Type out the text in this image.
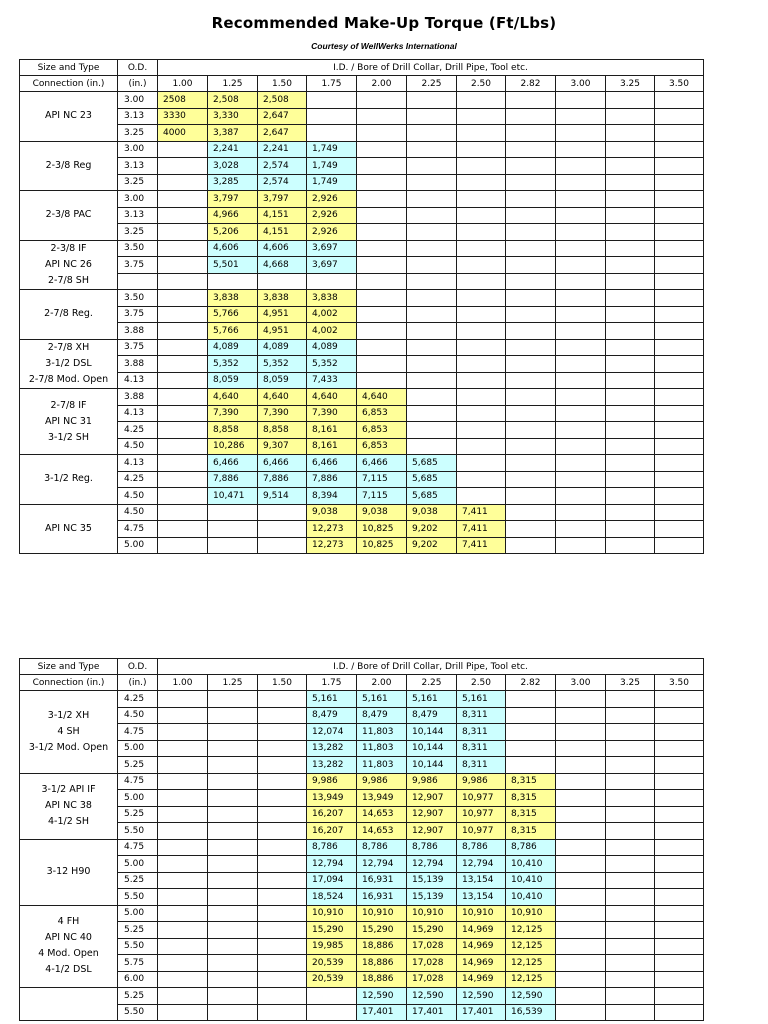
Recommended Make-Up Torque (Ft/Lbs)
Courtesy of WellWerks International
Size and Type	O.D.	I.D. / Bore of Drill Collar, Drill Pipe, Tool etc.										
Connection (in.)	(in.)	1.00	1.25	1.50	1.75	2.00	2.25	2.50	2.82	3.00	3.25	3.50

API NC 23	3.00	2508	2,508	2,508								
	3.13	3330	3,330	2,647								
	3.25	4000	3,387	2,647								

2-3/8 Reg	3.00		2,241	2,241	1,749							
	3.13		3,028	2,574	1,749							
	3.25		3,285	2,574	1,749							

2-3/8 PAC	3.00		3,797	3,797	2,926							
	3.13		4,966	4,151	2,926							
	3.25		5,206	4,151	2,926							

2-3/8 IF
API NC 26
2-7/8 SH	3.50		4,606	4,606	3,697							
	3.75		5,501	4,668	3,697							

2-7/8 Reg.	3.50		3,838	3,838	3,838							
	3.75		5,766	4,951	4,002							
	3.88		5,766	4,951	4,002							

2-7/8 XH
3-1/2 DSL
2-7/8 Mod. Open	3.75		4,089	4,089	4,089							
	3.88		5,352	5,352	5,352							
	4.13		8,059	8,059	7,433							

2-7/8 IF
API NC 31
3-1/2 SH	3.88		4,640	4,640	4,640	4,640						
	4.13		7,390	7,390	7,390	6,853						
	4.25		8,858	8,858	8,161	6,853						
	4.50		10,286	9,307	8,161	6,853						

3-1/2 Reg.	4.13		6,466	6,466	6,466	6,466	5,685					
	4.25		7,886	7,886	7,886	7,115	5,685					
	4.50		10,471	9,514	8,394	7,115	5,685					

API NC 35	4.50				9,038	9,038	9,038	7,411				
	4.75				12,273	10,825	9,202	7,411				
	5.00				12,273	10,825	9,202	7,411				
Size and Type	O.D.	I.D. / Bore of Drill Collar, Drill Pipe, Tool etc.										
Connection (in.)	(in.)	1.00	1.25	1.50	1.75	2.00	2.25	2.50	2.82	3.00	3.25	3.50

3-1/2 XH
4 SH
3-1/2 Mod. Open	4.25				5,161	5,161	5,161	5,161				
	4.50				8,479	8,479	8,479	8,311				
	4.75				12,074	11,803	10,144	8,311				
	5.00				13,282	11,803	10,144	8,311				
	5.25				13,282	11,803	10,144	8,311				

3-1/2 API IF
API NC 38
4-1/2 SH	4.75				9,986	9,986	9,986	9,986	8,315			
	5.00				13,949	13,949	12,907	10,977	8,315			
	5.25				16,207	14,653	12,907	10,977	8,315			
	5.50				16,207	14,653	12,907	10,977	8,315			

3-12 H90	4.75				8,786	8,786	8,786	8,786	8,786			
	5.00				12,794	12,794	12,794	12,794	10,410			
	5.25				17,094	16,931	15,139	13,154	10,410			
	5.50				18,524	16,931	15,139	13,154	10,410			

4 FH
API NC 40
4 Mod. Open
4-1/2 DSL	5.00				10,910	10,910	10,910	10,910	10,910			
	5.25				15,290	15,290	15,290	14,969	12,125			
	5.50				19,985	18,886	17,028	14,969	12,125			
	5.75				20,539	18,886	17,028	14,969	12,125			
	6.00				20,539	18,886	17,028	14,969	12,125			

	5.25					12,590	12,590	12,590	12,590			
	5.50					17,401	17,401	17,401	16,539			
